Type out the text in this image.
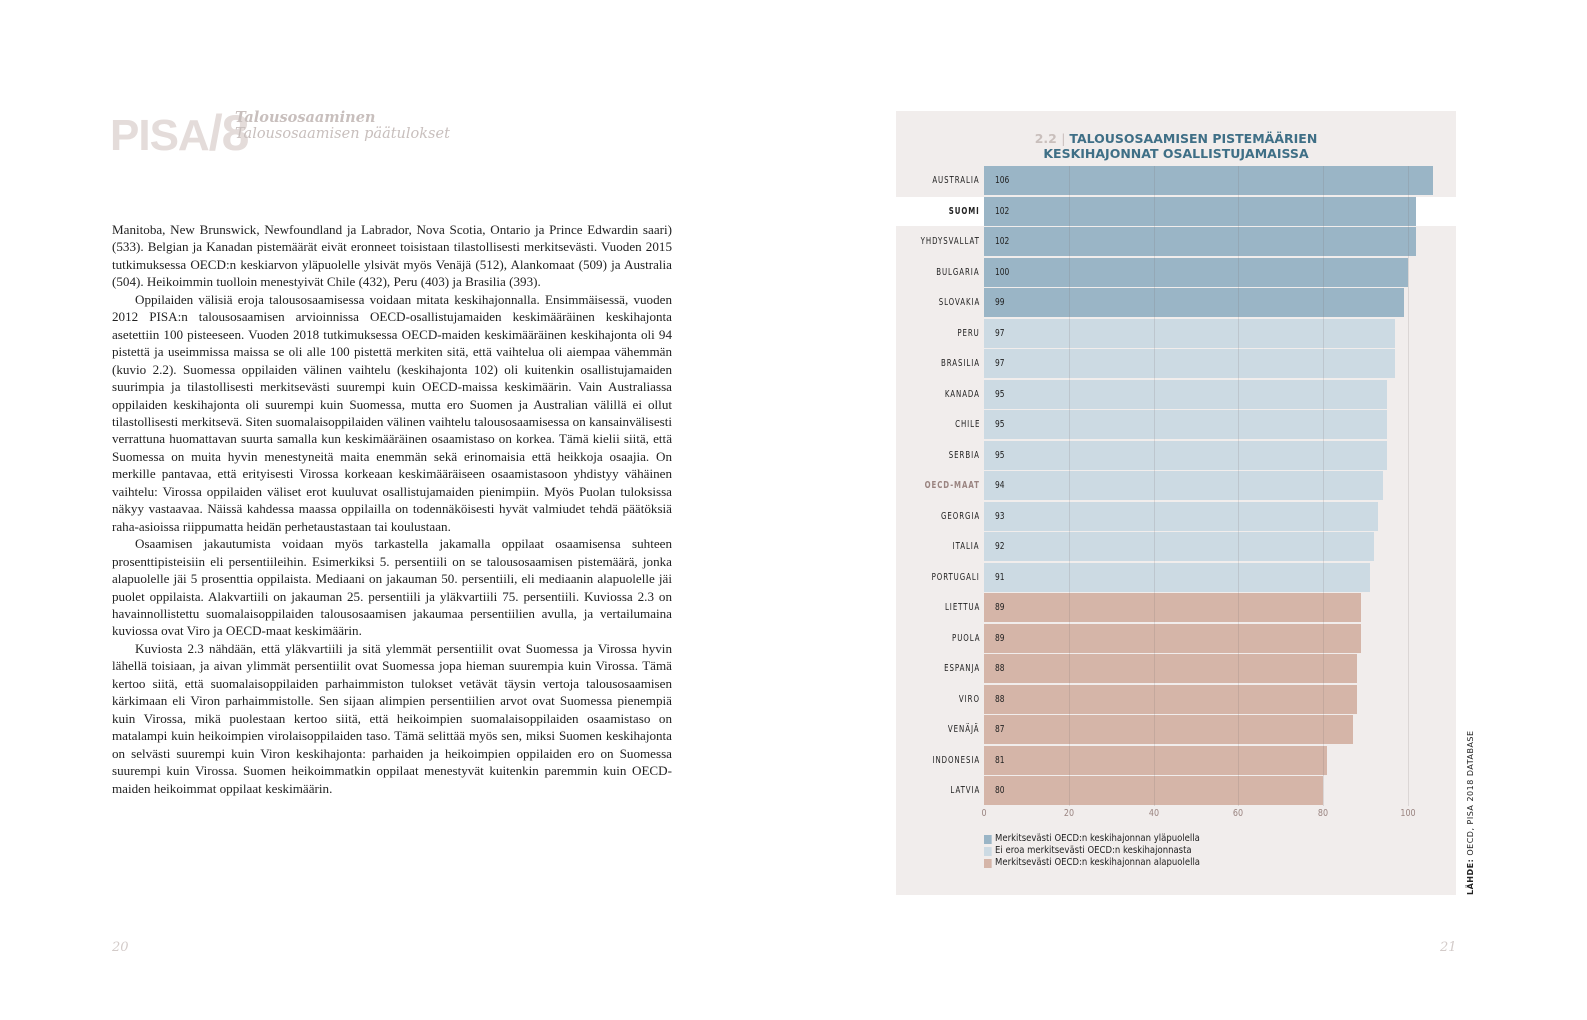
PISA/8
Talousosaaminen
Talousosaamisen päätulokset

Manitoba, New Brunswick, Newfoundland ja Labrador, Nova Scotia, Ontario ja Prince Edwardin saari) (533). Belgian ja Kanadan pistemäärät eivät eronneet toisistaan tilastollisesti merkitsevästi. Vuoden 2015 tutkimuksessa OECD:n keskiarvon yläpuolelle ylsivät myös Venäjä (512), Alankomaat (509) ja Australia (504). Heikoimmin tuolloin menestyivät Chile (432), Peru (403) ja Brasilia (393).

Oppilaiden välisiä eroja talousosaamisessa voidaan mitata keskihajonnalla. Ensimmäisessä, vuoden 2012 PISA:n talousosaamisen arvioinnissa OECD-osallistujamaiden keskimääräinen keskihajonta asetettiin 100 pisteeseen. Vuoden 2018 tutkimuksessa OECD-maiden keskimääräinen keskihajonta oli 94 pistettä ja useimmissa maissa se oli alle 100 pistettä merkiten sitä, että vaihtelua oli aiempaa vähemmän (kuvio 2.2). Suomessa oppilaiden välinen vaihtelu (keskihajonta 102) oli kuitenkin osallistujamaiden suurimpia ja tilastollisesti merkitsevästi suurempi kuin OECD-maissa keskimäärin. Vain Australiassa oppilaiden keskihajonta oli suurempi kuin Suomessa, mutta ero Suomen ja Australian välillä ei ollut tilastollisesti merkitsevä. Siten suomalaisoppilaiden välinen vaihtelu talousosaamisessa on kansainvälisesti verrattuna huomattavan suurta samalla kun keskimääräinen osaamistaso on korkea. Tämä kielii siitä, että Suomessa on muita hyvin menestyneitä maita enemmän sekä erinomaisia että heikkoja osaajia. On merkille pantavaa, että erityisesti Virossa korkeaan keskimääräiseen osaamistasoon yhdistyy vähäinen vaihtelu: Virossa oppilaiden väliset erot kuuluvat osallistujamaiden pienimpiin. Myös Puolan tuloksissa näkyy vastaavaa. Näissä kahdessa maassa oppilailla on todennäköisesti hyvät valmiudet tehdä päätöksiä raha-asioissa riippumatta heidän perhetaustastaan tai koulustaan.

Osaamisen jakautumista voidaan myös tarkastella jakamalla oppilaat osaamisensa suhteen prosenttipisteisiin eli persentiileihin. Esimerkiksi 5. persentiili on se talousosaamisen pistemäärä, jonka alapuolelle jäi 5 prosenttia oppilaista. Mediaani on jakauman 50. persentiili, eli mediaanin alapuolelle jäi puolet oppilaista. Alakvartiili on jakauman 25. persentiili ja yläkvartiili 75. persentiili. Kuviossa 2.3 on havainnollistettu suomalaisoppilaiden talousosaamisen jakaumaa persentiilien avulla, ja vertailumaina kuviossa ovat Viro ja OECD-maat keskimäärin.

Kuviosta 2.3 nähdään, että yläkvartiili ja sitä ylemmät persentiilit ovat Suomessa ja Virossa hyvin lähellä toisiaan, ja aivan ylimmät persentiilit ovat Suomessa jopa hieman suurempia kuin Virossa. Tämä kertoo siitä, että suomalaisoppilaiden parhaimmiston tulokset vetävät täysin vertoja talousosaamisen kärkimaan eli Viron parhaimmistolle. Sen sijaan alimpien persentiilien arvot ovat Suomessa pienempiä kuin Virossa, mikä puolestaan kertoo siitä, että heikoimpien suomalaisoppilaiden osaamistaso on matalampi kuin heikoimpien virolaisoppilaiden taso. Tämä selittää myös sen, miksi Suomen keskihajonta on selvästi suurempi kuin Viron keskihajonta: parhaiden ja heikoimpien oppilaiden ero on Suomessa suurempi kuin Virossa. Suomen heikoimmatkin oppilaat menestyvät kuitenkin paremmin kuin OECD-maiden heikoimmat oppilaat keskimäärin.

20	21
2.2 | TALOUSOSAAMISEN PISTEMÄÄRIEN
KESKIHAJONNAT OSALLISTUJAMAISSA
AUSTRALIA 106
SUOMI 102
YHDYSVALLAT 102
BULGARIA 100
SLOVAKIA 99
PERU 97
BRASILIA 97
KANADA 95
CHILE 95
SERBIA 95
OECD-MAAT 94
GEORGIA 93
ITALIA 92
PORTUGALI 91
LIETTUA 89
PUOLA 89
ESPANJA 88
VIRO 88
VENÄJÄ 87
INDONESIA 81
LATVIA 80
0	20	40	60	80	100
Merkitsevästi OECD:n keskihajonnan yläpuolella
Ei eroa merkitsevästi OECD:n keskihajonnasta
Merkitsevästi OECD:n keskihajonnan alapuolella	LÄHDE: OECD, PISA 2018 DATABASE
